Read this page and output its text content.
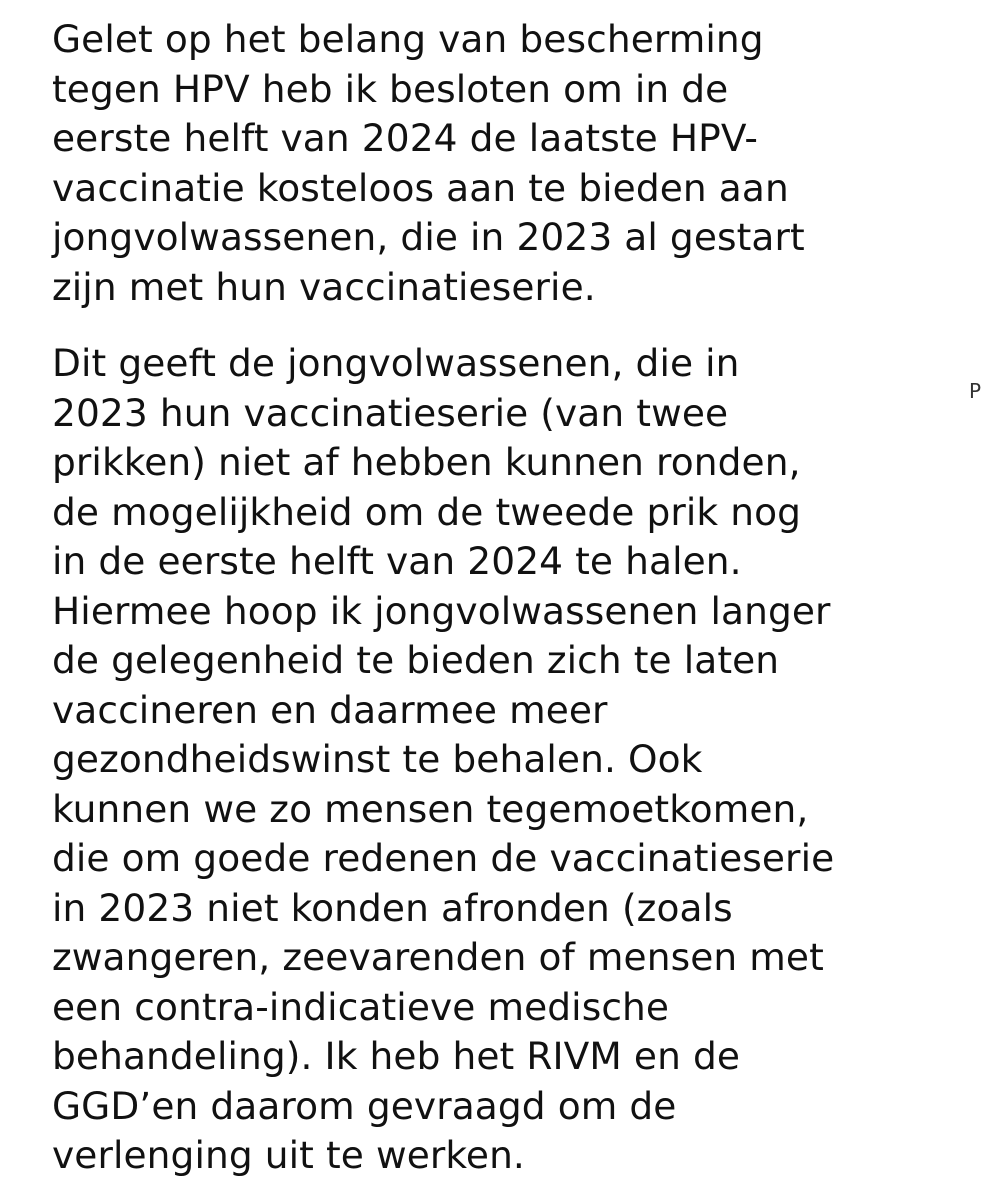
Gelet op het belang van bescherming
tegen HPV heb ik besloten om in de
eerste helft van 2024 de laatste HPV-
vaccinatie kosteloos aan te bieden aan
jongvolwassenen, die in 2023 al gestart
zijn met hun vaccinatieserie.

Dit geeft de jongvolwassenen, die in
2023 hun vaccinatieserie (van twee
prikken) niet af hebben kunnen ronden,
de mogelijkheid om de tweede prik nog
in de eerste helft van 2024 te halen.
Hiermee hoop ik jongvolwassenen langer
de gelegenheid te bieden zich te laten
vaccineren en daarmee meer
gezondheidswinst te behalen. Ook
kunnen we zo mensen tegemoetkomen,
die om goede redenen de vaccinatieserie
in 2023 niet konden afronden (zoals
zwangeren, zeevarenden of mensen met
een contra-indicatieve medische
behandeling). Ik heb het RIVM en de
GGD’en daarom gevraagd om de
verlenging uit te werken.

P
